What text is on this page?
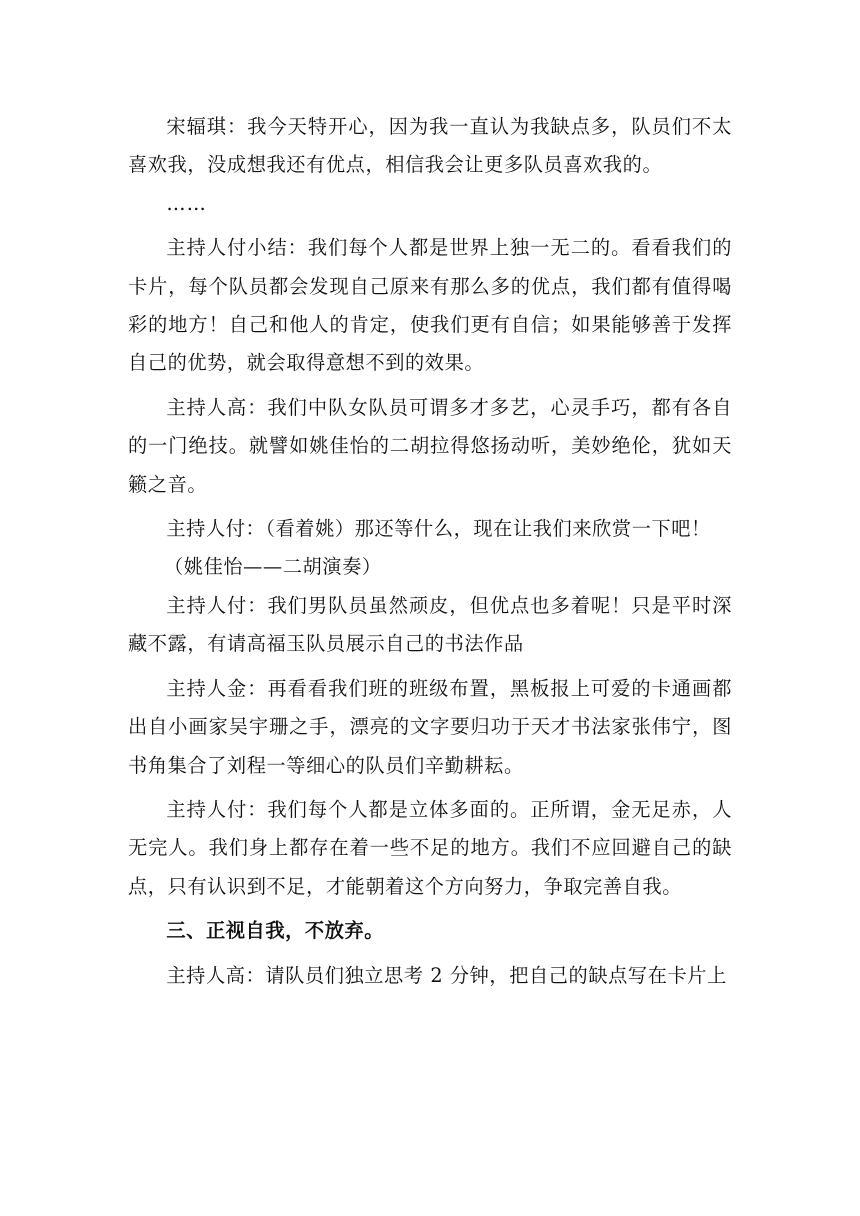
宋辐琪：我今天特开心，因为我一直认为我缺点多，队员们不太喜欢我，没成想我还有优点，相信我会让更多队员喜欢我的。

……

主持人付小结：我们每个人都是世界上独一无二的。看看我们的卡片，每个队员都会发现自己原来有那么多的优点，我们都有值得喝彩的地方！自己和他人的肯定，使我们更有自信；如果能够善于发挥自己的优势，就会取得意想不到的效果。

主持人高：我们中队女队员可谓多才多艺，心灵手巧，都有各自的一门绝技。就譬如姚佳怡的二胡拉得悠扬动听，美妙绝伦，犹如天籁之音。

主持人付：（看着姚）那还等什么，现在让我们来欣赏一下吧！

（姚佳怡——二胡演奏）

主持人付：我们男队员虽然顽皮，但优点也多着呢！只是平时深藏不露，有请高福玉队员展示自己的书法作品

主持人金：再看看我们班的班级布置，黑板报上可爱的卡通画都出自小画家吴宇珊之手，漂亮的文字要归功于天才书法家张伟宁，图书角集合了刘程一等细心的队员们辛勤耕耘。

主持人付：我们每个人都是立体多面的。正所谓，金无足赤，人无完人。我们身上都存在着一些不足的地方。我们不应回避自己的缺点，只有认识到不足，才能朝着这个方向努力，争取完善自我。

三、正视自我，不放弃。

主持人高：请队员们独立思考 2 分钟，把自己的缺点写在卡片上
